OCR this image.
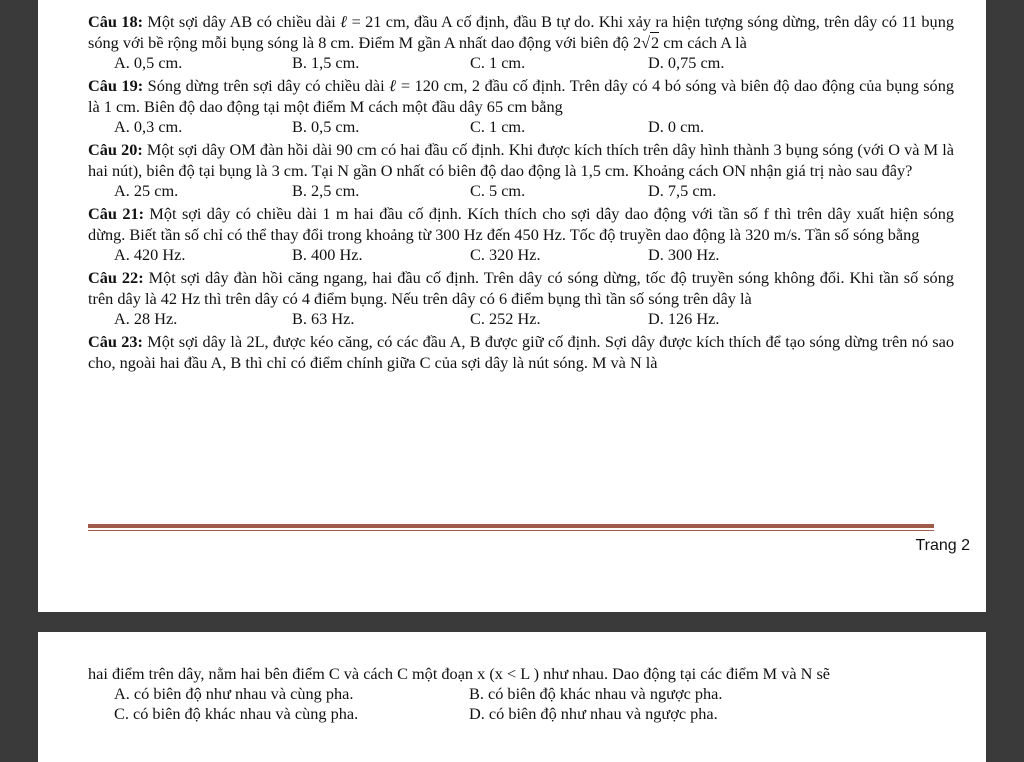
Câu 18: Một sợi dây AB có chiều dài ℓ = 21 cm, đầu A cố định, đầu B tự do. Khi xảy ra hiện tượng sóng dừng, trên dây có 11 bụng sóng với bề rộng mỗi bụng sóng là 8 cm. Điểm M gần A nhất dao động với biên độ 2√2 cm cách A là

A. 0,5 cm.	B. 1,5 cm.	C. 1 cm.	D. 0,75 cm.

Câu 19: Sóng dừng trên sợi dây có chiều dài ℓ = 120 cm, 2 đầu cố định. Trên dây có 4 bó sóng và biên độ dao động của bụng sóng là 1 cm. Biên độ dao động tại một điểm M cách một đầu dây 65 cm bằng

A. 0,3 cm.	B. 0,5 cm.	C. 1 cm.	D. 0 cm.

Câu 20: Một sợi dây OM đàn hồi dài 90 cm có hai đầu cố định. Khi được kích thích trên dây hình thành 3 bụng sóng (với O và M là hai nút), biên độ tại bụng là 3 cm. Tại N gần O nhất có biên độ dao động là 1,5 cm. Khoảng cách ON nhận giá trị nào sau đây?

A. 25 cm.	B. 2,5 cm.	C. 5 cm.	D. 7,5 cm.

Câu 21: Một sợi dây có chiều dài 1 m hai đầu cố định. Kích thích cho sợi dây dao động với tần số f thì trên dây xuất hiện sóng dừng. Biết tần số chỉ có thể thay đổi trong khoảng từ 300 Hz đến 450 Hz. Tốc độ truyền dao động là 320 m/s. Tần số sóng bằng

A. 420 Hz.	B. 400 Hz.	C. 320 Hz.	D. 300 Hz.

Câu 22: Một sợi dây đàn hồi căng ngang, hai đầu cố định. Trên dây có sóng dừng, tốc độ truyền sóng không đổi. Khi tần số sóng trên dây là 42 Hz thì trên dây có 4 điểm bụng. Nếu trên dây có 6 điểm bụng thì tần số sóng trên dây là

A. 28 Hz.	B. 63 Hz.	C. 252 Hz.	D. 126 Hz.

Câu 23: Một sợi dây là 2L, được kéo căng, có các đầu A, B được giữ cố định. Sợi dây được kích thích để tạo sóng dừng trên nó sao cho, ngoài hai đầu A, B thì chỉ có điểm chính giữa C của sợi dây là nút sóng. M và N là

Trang 2

hai điểm trên dây, nằm hai bên điểm C và cách C một đoạn x (x < L ) như nhau. Dao động tại các điểm M và N sẽ

A. có biên độ như nhau và cùng pha.	B. có biên độ khác nhau và ngược pha.
C. có biên độ khác nhau và cùng pha.	D. có biên độ như nhau và ngược pha.
